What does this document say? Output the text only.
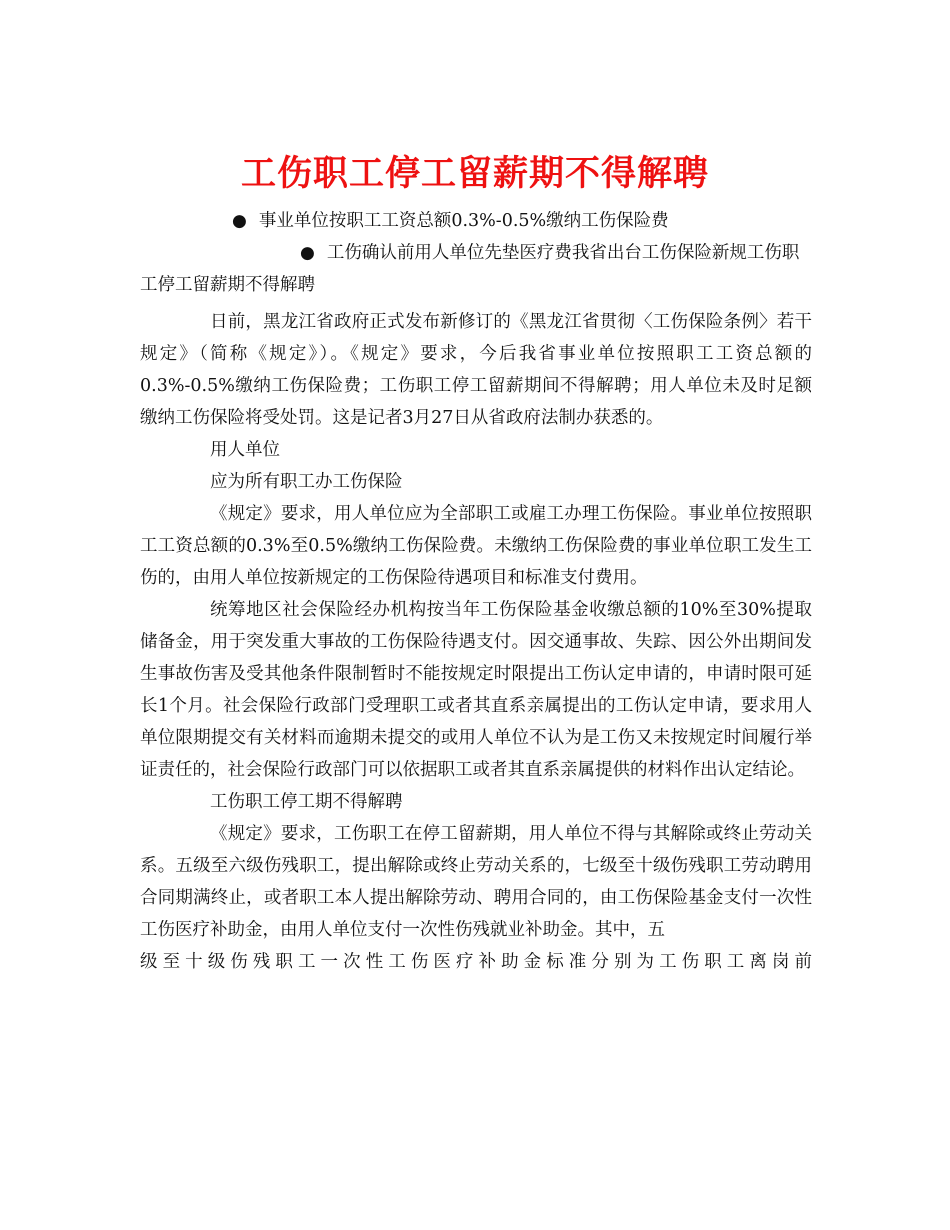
工伤职工停工留薪期不得解聘

● 事业单位按职工工资总额0.3%-0.5%缴纳工伤保险费

● 工伤确认前用人单位先垫医疗费我省出台工伤保险新规工伤职工停工留薪期不得解聘

日前，黑龙江省政府正式发布新修订的《黑龙江省贯彻〈工伤保险条例〉若干规定》（简称《规定》）。《规定》要求，今后我省事业单位按照职工工资总额的0.3%-0.5%缴纳工伤保险费；工伤职工停工留薪期间不得解聘；用人单位未及时足额缴纳工伤保险将受处罚。这是记者3月27日从省政府法制办获悉的。

用人单位

应为所有职工办工伤保险

《规定》要求，用人单位应为全部职工或雇工办理工伤保险。事业单位按照职工工资总额的0.3%至0.5%缴纳工伤保险费。未缴纳工伤保险费的事业单位职工发生工伤的，由用人单位按新规定的工伤保险待遇项目和标准支付费用。

统筹地区社会保险经办机构按当年工伤保险基金收缴总额的10%至30%提取储备金，用于突发重大事故的工伤保险待遇支付。因交通事故、失踪、因公外出期间发生事故伤害及受其他条件限制暂时不能按规定时限提出工伤认定申请的，申请时限可延长1个月。社会保险行政部门受理职工或者其直系亲属提出的工伤认定申请，要求用人单位限期提交有关材料而逾期未提交的或用人单位不认为是工伤又未按规定时间履行举证责任的，社会保险行政部门可以依据职工或者其直系亲属提供的材料作出认定结论。

工伤职工停工期不得解聘

《规定》要求，工伤职工在停工留薪期，用人单位不得与其解除或终止劳动关系。五级至六级伤残职工，提出解除或终止劳动关系的，七级至十级伤残职工劳动聘用合同期满终止，或者职工本人提出解除劳动、聘用合同的，由工伤保险基金支付一次性工伤医疗补助金，由用人单位支付一次性伤残就业补助金。其中，五

级至十级伤残职工一次性工伤医疗补助金标准分别为工伤职工离岗前
